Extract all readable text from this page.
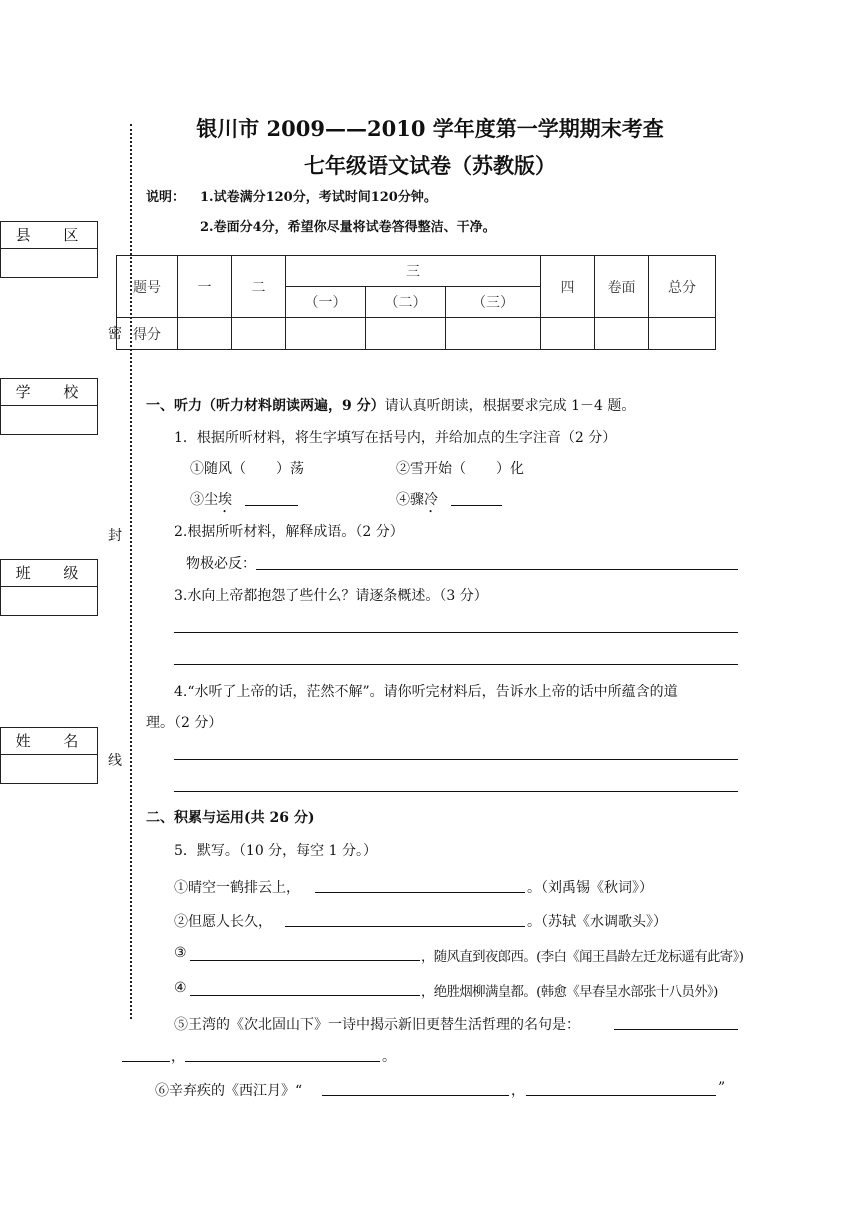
银川市 2009——2010 学年度第一学期期末考查
七年级语文试卷（苏教版）
说明： 1.试卷满分120分，考试时间120分钟。
2.卷面分4分，希望你尽量将试卷答得整洁、干净。
县 区
学 校
班 级
姓 名
密
封
线
题号	一	二	三			四	卷面	总分
			（一）	（二）	（三）			
得分								
一、听力（听力材料朗读两遍，9 分）请认真听朗读，根据要求完成 1－4 题。
1．根据所听材料，将生字填写在括号内，并给加点的生字注音（2 分）
①随风（ ）荡	②雪开始（ ）化
③尘埃	④骤冷
2.根据所听材料，解释成语。（2 分）
物极必反：
3.水向上帝都抱怨了些什么？请逐条概述。（3 分）
4.“水听了上帝的话，茫然不解”。请你听完材料后，告诉水上帝的话中所蕴含的道
理。（2 分）
二、积累与运用(共 26 分)
5．默写。（10 分，每空 1 分。）
①晴空一鹤排云上，	。（刘禹锡《秋词》）
②但愿人长久，	。（苏轼《水调歌头》）
③	，随风直到夜郎西。(李白《闻王昌龄左迁龙标遥有此寄》)
④	，绝胜烟柳满皇都。(韩愈《早春呈水部张十八员外》)
⑤王湾的《次北固山下》一诗中揭示新旧更替生活哲理的名句是：
，	。
⑥辛弃疾的《西江月》“	，	”
